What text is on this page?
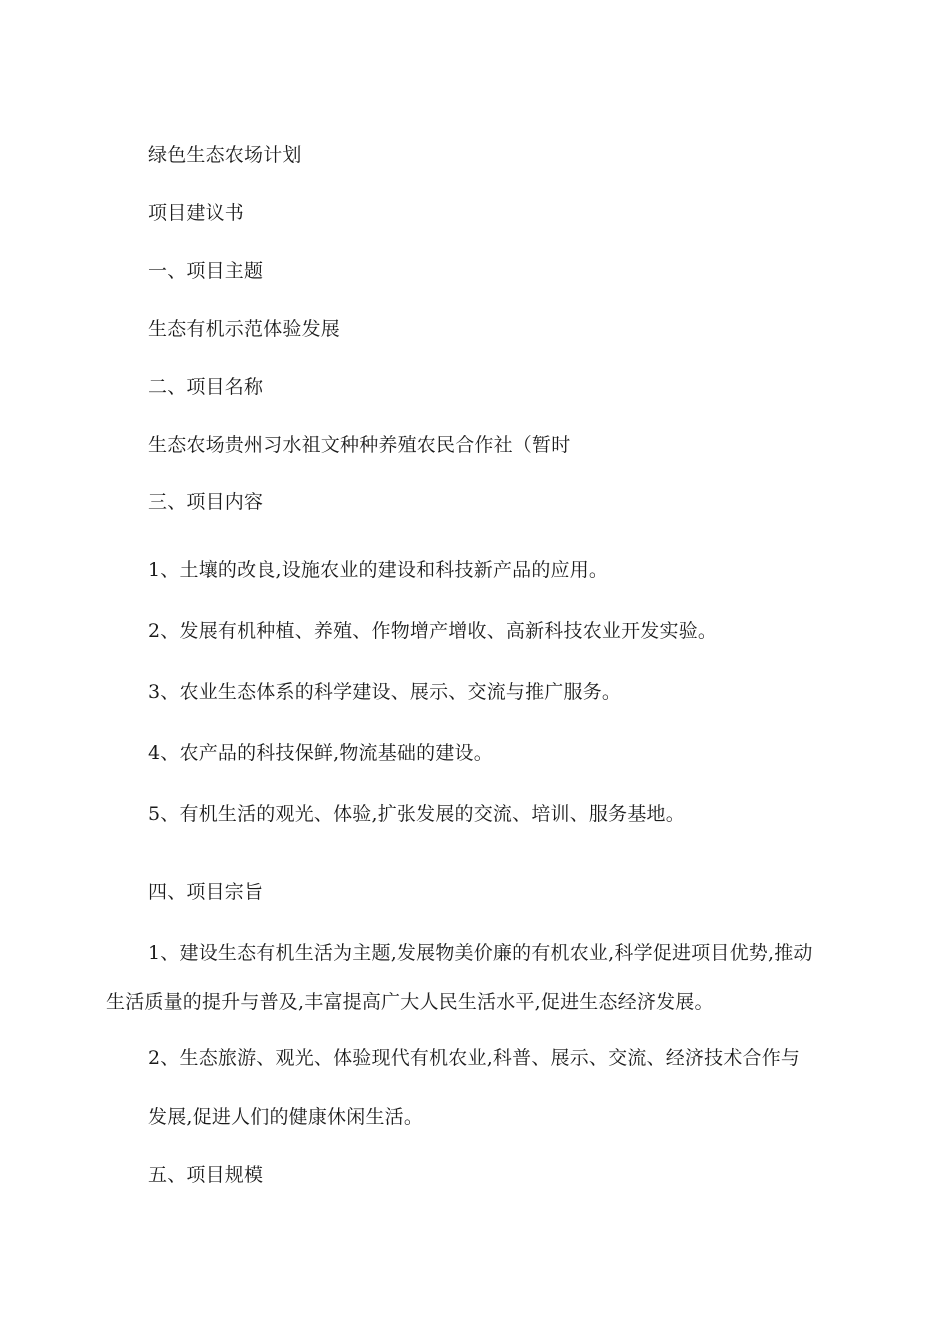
绿色生态农场计划
项目建议书
一、项目主题
生态有机示范体验发展
二、项目名称
生态农场贵州习水祖文种种养殖农民合作社（暂时
三、项目内容
1、土壤的改良,设施农业的建设和科技新产品的应用。
2、发展有机种植、养殖、作物增产增收、高新科技农业开发实验。
3、农业生态体系的科学建设、展示、交流与推广服务。
4、农产品的科技保鲜,物流基础的建设。
5、有机生活的观光、体验,扩张发展的交流、培训、服务基地。
四、项目宗旨
1、建设生态有机生活为主题,发展物美价廉的有机农业,科学促进项目优势,推动
生活质量的提升与普及,丰富提高广大人民生活水平,促进生态经济发展。
2、生态旅游、观光、体验现代有机农业,科普、展示、交流、经济技术合作与
发展,促进人们的健康休闲生活。
五、项目规模
